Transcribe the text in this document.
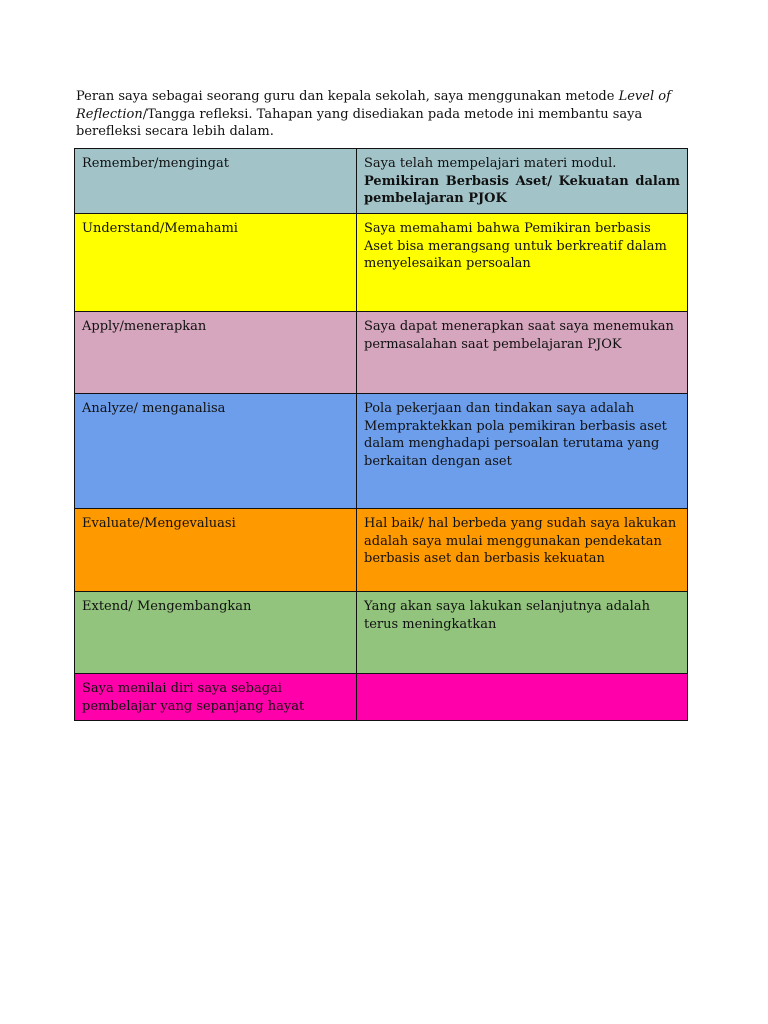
Peran saya sebagai seorang guru dan kepala sekolah, saya menggunakan metode Level of Reflection/Tangga refleksi. Tahapan yang disediakan pada metode ini membantu saya berefleksi secara lebih dalam.

Remember/mengingat	Saya telah mempelajari materi modul.
Pemikiran Berbasis Aset/ Kekuatan dalam
pembelajaran PJOK

Understand/Memahami	Saya memahami bahwa Pemikiran berbasis Aset bisa merangsang untuk berkreatif dalam menyelesaikan persoalan
Apply/menerapkan	Saya dapat menerapkan saat saya menemukan permasalahan saat pembelajaran PJOK
Analyze/ menganalisa	Pola pekerjaan dan tindakan saya adalah Mempraktekkan pola pemikiran berbasis aset dalam menghadapi persoalan terutama yang berkaitan dengan aset
Evaluate/Mengevaluasi	Hal baik/ hal berbeda yang sudah saya lakukan adalah saya mulai menggunakan pendekatan berbasis aset dan berbasis kekuatan
Extend/ Mengembangkan	Yang akan saya lakukan selanjutnya adalah terus meningkatkan
Saya menilai diri saya sebagai pembelajar yang sepanjang hayat	
